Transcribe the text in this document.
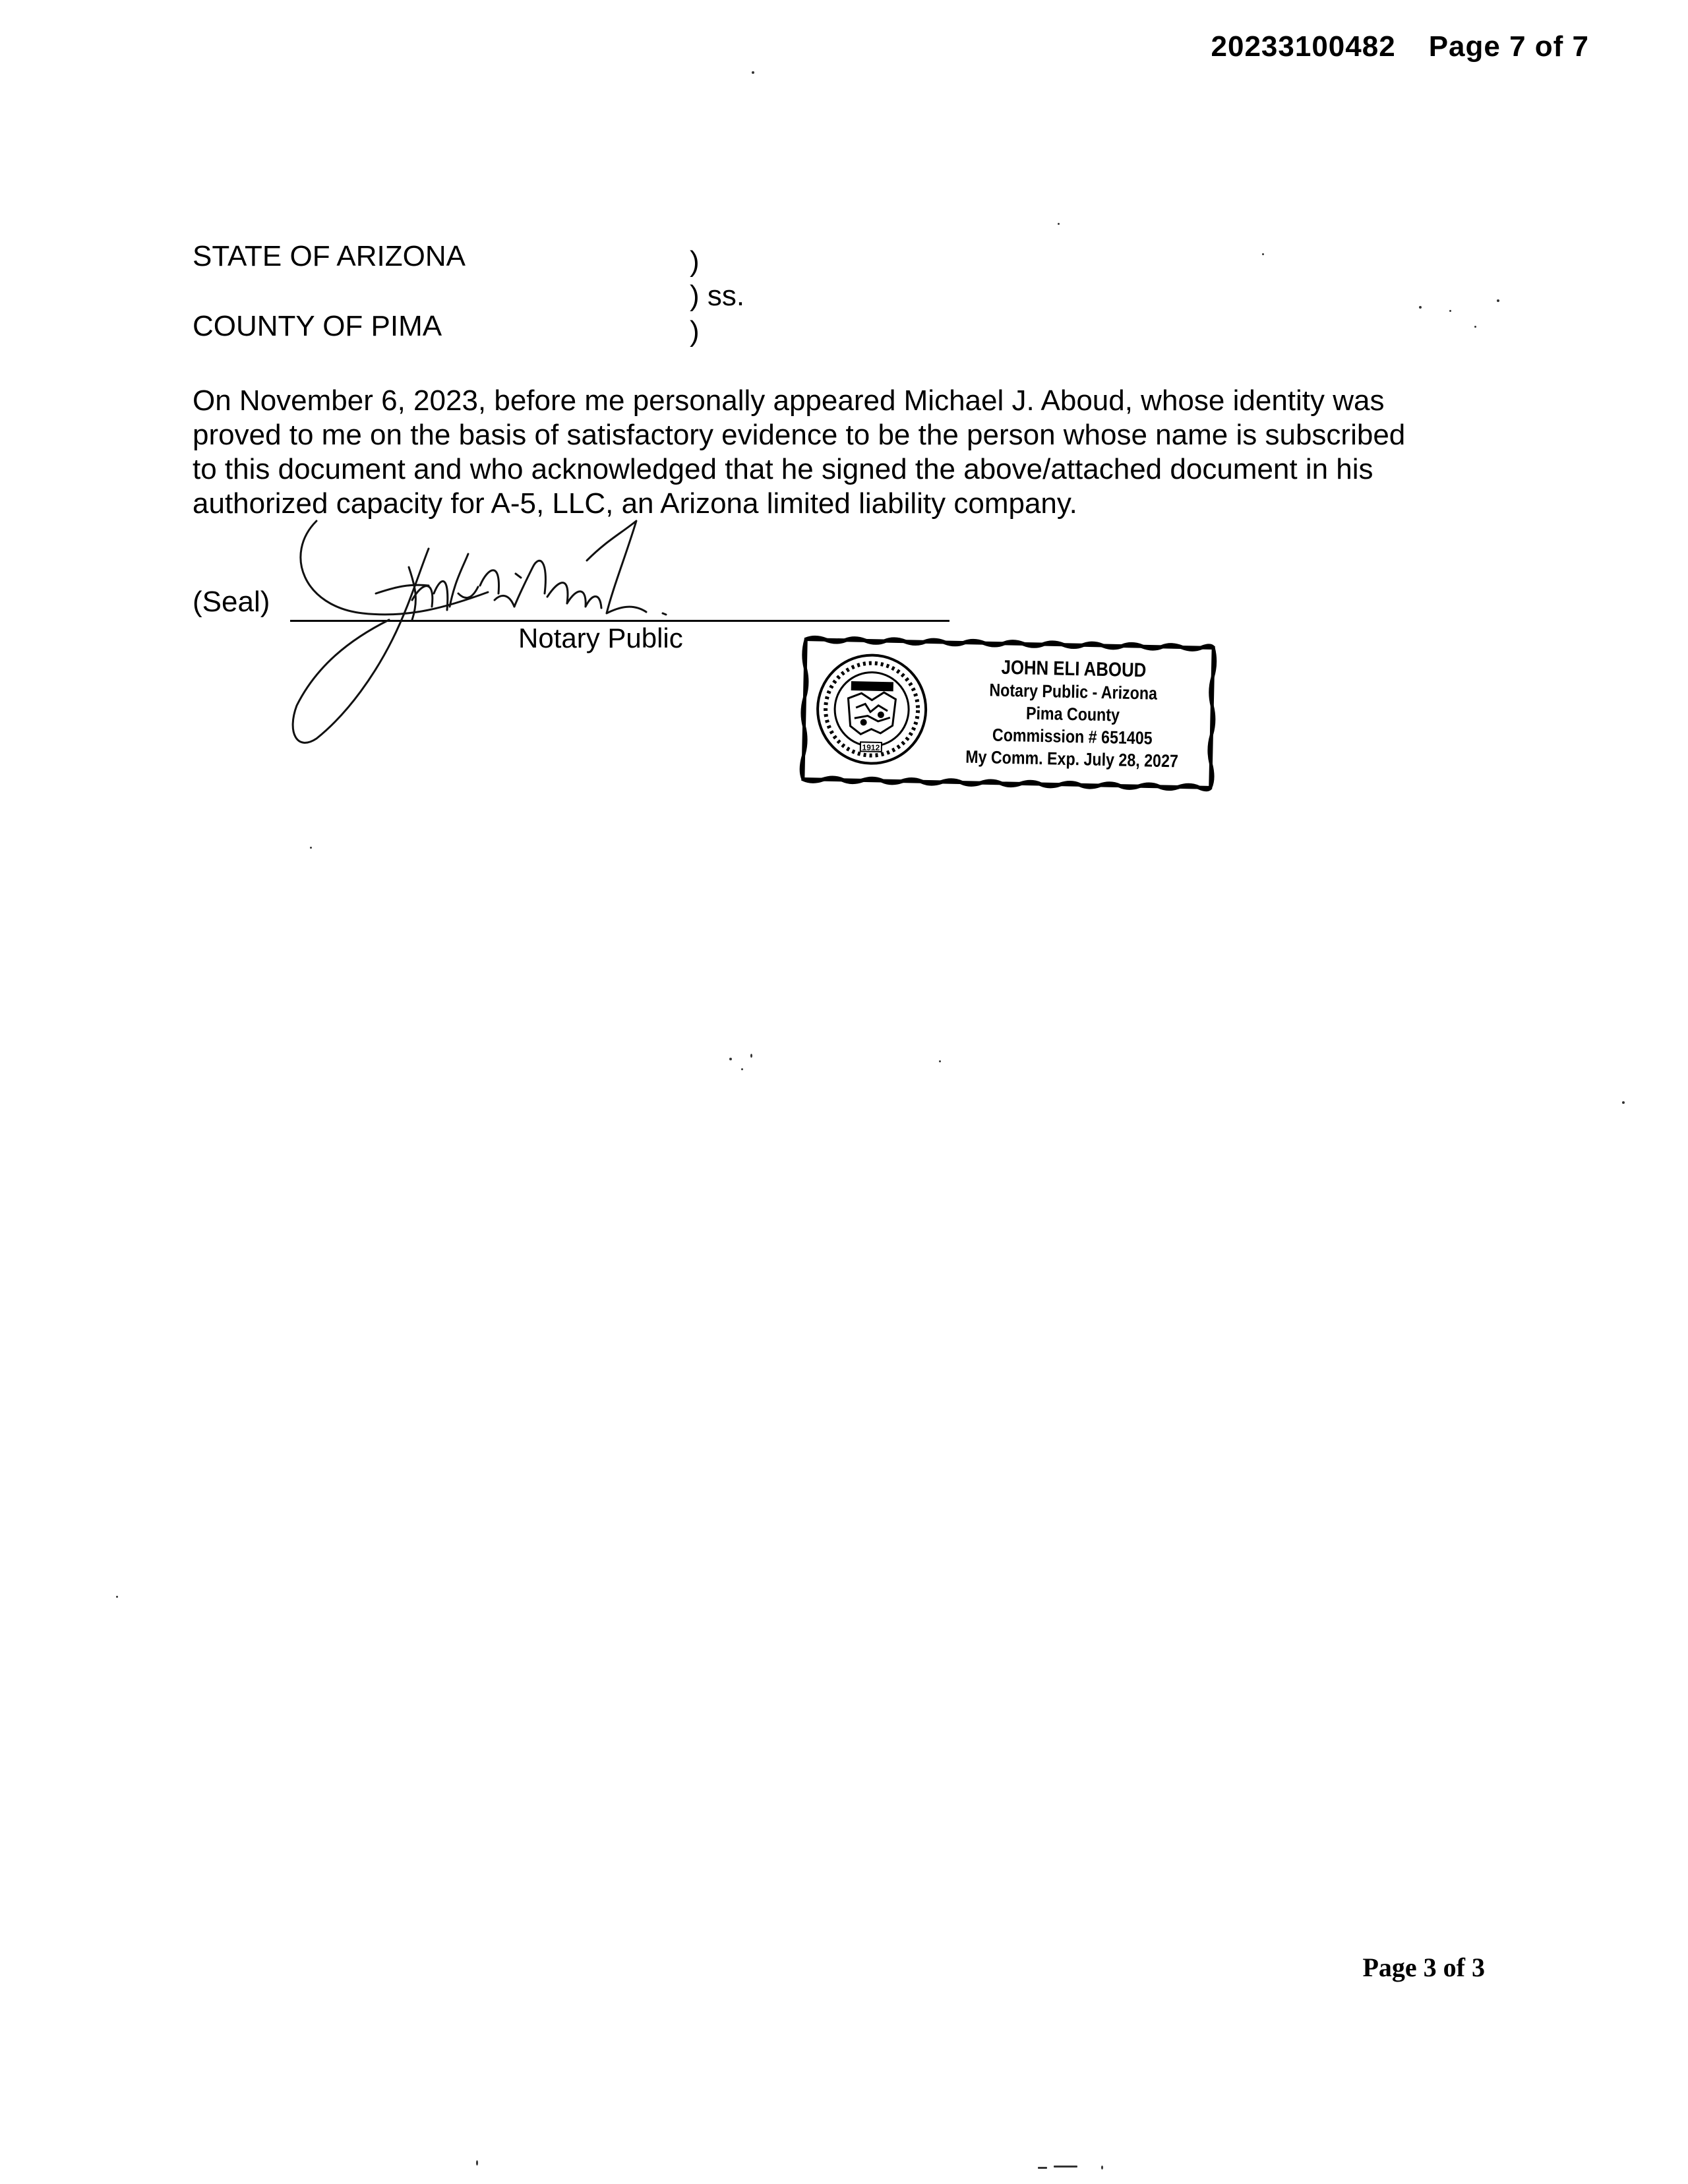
20233100482 Page 7 of 7
STATE OF ARIZONA
COUNTY OF PIMA
)
) ss.
)

On November 6, 2023, before me personally appeared Michael J. Aboud, whose identity was

proved to me on the basis of satisfactory evidence to be the person whose name is subscribed

to this document and who acknowledged that he signed the above/attached document in his

authorized capacity for A-5, LLC, an Arizona limited liability company.

(Seal)
Notary Public
1912
JOHN ELI ABOUD
Notary Public - Arizona
Pima County
Commission # 651405
My Comm. Exp. July 28, 2027
Page 3 of 3
